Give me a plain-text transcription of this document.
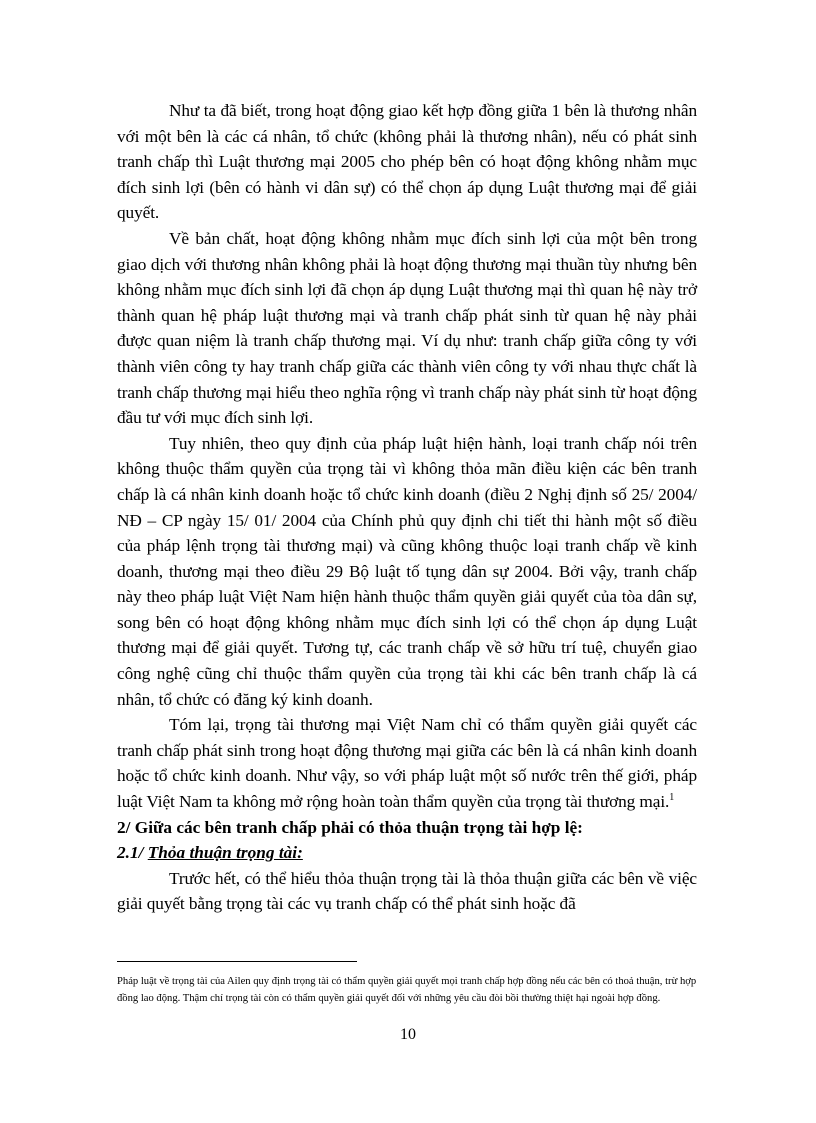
Như ta đã biết, trong hoạt động giao kết hợp đồng giữa 1 bên là thương nhân với một bên là các cá nhân, tổ chức (không phải là thương nhân), nếu có phát sinh tranh chấp thì Luật thương mại 2005 cho phép bên có hoạt động không nhằm mục đích sinh lợi (bên có hành vi dân sự) có thể chọn áp dụng Luật thương mại để giải quyết.

Về bản chất, hoạt động không nhằm mục đích sinh lợi của một bên trong giao dịch với thương nhân không phải là hoạt động thương mại thuần tùy nhưng bên không nhằm mục đích sinh lợi đã chọn áp dụng Luật thương mại thì quan hệ này trở thành quan hệ pháp luật thương mại và tranh chấp phát sinh từ quan hệ này phải được quan niệm là tranh chấp thương mại. Ví dụ như: tranh chấp giữa công ty với thành viên công ty hay tranh chấp giữa các thành viên công ty với nhau thực chất là tranh chấp thương mại hiểu theo nghĩa rộng vì tranh chấp này phát sinh từ hoạt động đầu tư với mục đích sinh lợi.

Tuy nhiên, theo quy định của pháp luật hiện hành, loại tranh chấp nói trên không thuộc thẩm quyền của trọng tài vì không thỏa mãn điều kiện các bên tranh chấp là cá nhân kinh doanh hoặc tổ chức kinh doanh (điều 2 Nghị định số 25/ 2004/ NĐ – CP ngày 15/ 01/ 2004 của Chính phủ quy định chi tiết thi hành một số điều của pháp lệnh trọng tài thương mại) và cũng không thuộc loại tranh chấp về kinh doanh, thương mại theo điều 29 Bộ luật tố tụng dân sự 2004. Bởi vậy, tranh chấp này theo pháp luật Việt Nam hiện hành thuộc thẩm quyền giải quyết của tòa dân sự, song bên có hoạt động không nhằm mục đích sinh lợi có thể chọn áp dụng Luật thương mại để giải quyết. Tương tự, các tranh chấp về sở hữu trí tuệ, chuyển giao công nghệ cũng chỉ thuộc thẩm quyền của trọng tài khi các bên tranh chấp là cá nhân, tổ chức có đăng ký kinh doanh.

Tóm lại, trọng tài thương mại Việt Nam chỉ có thẩm quyền giải quyết các tranh chấp phát sinh trong hoạt động thương mại giữa các bên là cá nhân kinh doanh hoặc tổ chức kinh doanh. Như vậy, so với pháp luật một số nước trên thế giới, pháp luật Việt Nam ta không mở rộng hoàn toàn thẩm quyền của trọng tài thương mại.$^1$

2/ Giữa các bên tranh chấp phải có thỏa thuận trọng tài hợp lệ:

2.1/ Thỏa thuận trọng tài:

Trước hết, có thể hiểu thỏa thuận trọng tài là thỏa thuận giữa các bên về việc giải quyết bằng trọng tài các vụ tranh chấp có thể phát sinh hoặc đã

Pháp luật về trọng tài của Ailen quy định trọng tài có thẩm quyền giải quyết mọi tranh chấp hợp đồng nếu các bên có thoả thuận, trừ hợp đồng lao động. Thậm chí trọng tài còn có thẩm quyền giải quyết đối với những yêu cầu đòi bồi thường thiệt hại ngoài hợp đồng.

10
